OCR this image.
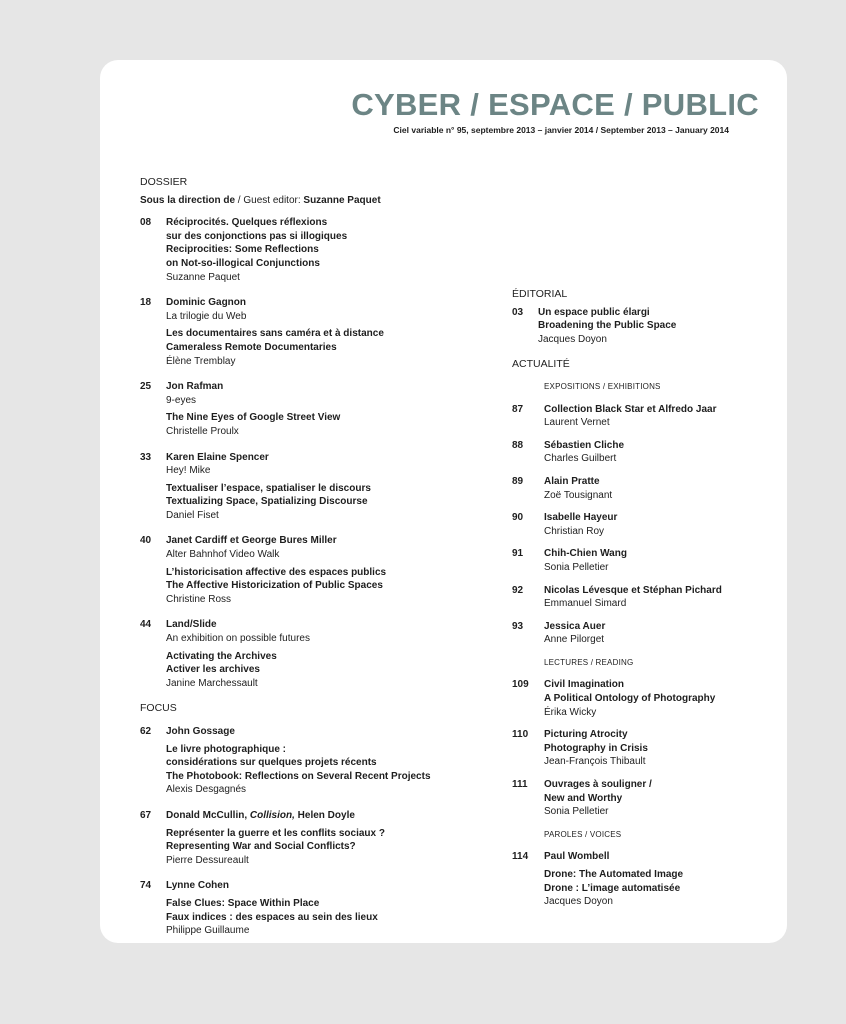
CYBER / ESPACE / PUBLIC
Ciel variable n° 95, septembre 2013 – janvier 2014 / September 2013 – January 2014
DOSSIER
Sous la direction de / Guest editor: Suzanne Paquet
08 Réciprocités. Quelques réflexions
sur des conjonctions pas si illogiques
Reciprocities: Some Reflections
on Not-so-illogical Conjunctions
Suzanne Paquet
18 Dominic Gagnon
La trilogie du Web
Les documentaires sans caméra et à distance
Cameraless Remote Documentaries
Élène Tremblay
25 Jon Rafman
9-eyes
The Nine Eyes of Google Street View
Christelle Proulx
33 Karen Elaine Spencer
Hey! Mike
Textualiser l’espace, spatialiser le discours
Textualizing Space, Spatializing Discourse
Daniel Fiset
40 Janet Cardiff et George Bures Miller
Alter Bahnhof Video Walk
L’historicisation affective des espaces publics
The Affective Historicization of Public Spaces
Christine Ross
44 Land/Slide
An exhibition on possible futures
Activating the Archives
Activer les archives
Janine Marchessault
FOCUS
62 John Gossage
Le livre photographique :
considérations sur quelques projets récents
The Photobook: Reflections on Several Recent Projects
Alexis Desgagnés
67 Donald McCullin, Collision, Helen Doyle
Représenter la guerre et les conflits sociaux ?
Representing War and Social Conflicts?
Pierre Dessureault
74 Lynne Cohen
False Clues: Space Within Place
Faux indices : des espaces au sein des lieux
Philippe Guillaume
ÉDITORIAL
03 Un espace public élargi
Broadening the Public Space
Jacques Doyon
ACTUALITÉ
EXPOSITIONS / EXHIBITIONS
87 Collection Black Star et Alfredo Jaar
Laurent Vernet
88 Sébastien Cliche
Charles Guilbert
89 Alain Pratte
Zoë Tousignant
90 Isabelle Hayeur
Christian Roy
91 Chih-Chien Wang
Sonia Pelletier
92 Nicolas Lévesque et Stéphan Pichard
Emmanuel Simard
93 Jessica Auer
Anne Pilorget
LECTURES / READING
109 Civil Imagination
A Political Ontology of Photography
Érika Wicky
110 Picturing Atrocity
Photography in Crisis
Jean-François Thibault
111 Ouvrages à souligner /
New and Worthy
Sonia Pelletier
PAROLES / VOICES
114 Paul Wombell
Drone: The Automated Image
Drone : L’image automatisée
Jacques Doyon
